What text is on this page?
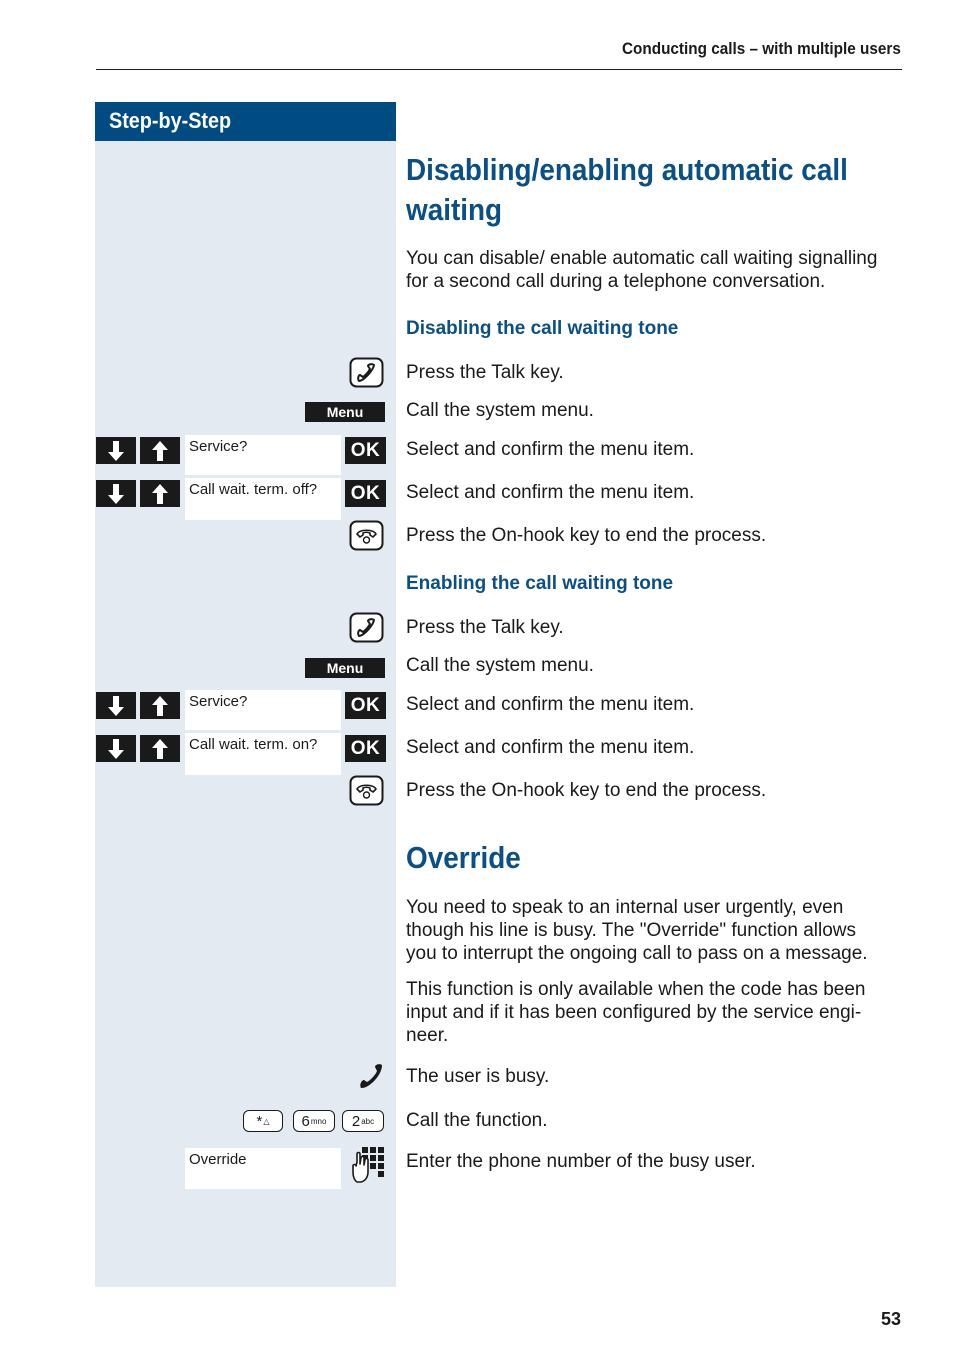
Conducting calls – with multiple users
Step-by-Step
Disabling/enabling automatic call
waiting
You can disable/ enable automatic call waiting signalling
for a second call during a telephone conversation.
Disabling the call waiting tone
Press the Talk key.
Menu	Call the system menu.
Service?	OK	Select and confirm the menu item.
Call wait. term. off?	OK	Select and confirm the menu item.
Press the On-hook key to end the process.
Enabling the call waiting tone
Press the Talk key.
Menu	Call the system menu.
Service?	OK	Select and confirm the menu item.
Call wait. term. on?	OK	Select and confirm the menu item.
Press the On-hook key to end the process.
Override
You need to speak to an internal user urgently, even
though his line is busy. The "Override" function allows
you to interrupt the ongoing call to pass on a message.
This function is only available when the code has been
input and if it has been configured by the service engi-
neer.
The user is busy.
* △ 6 mno 2 abc Call the function.
Override	Enter the phone number of the busy user.
53
